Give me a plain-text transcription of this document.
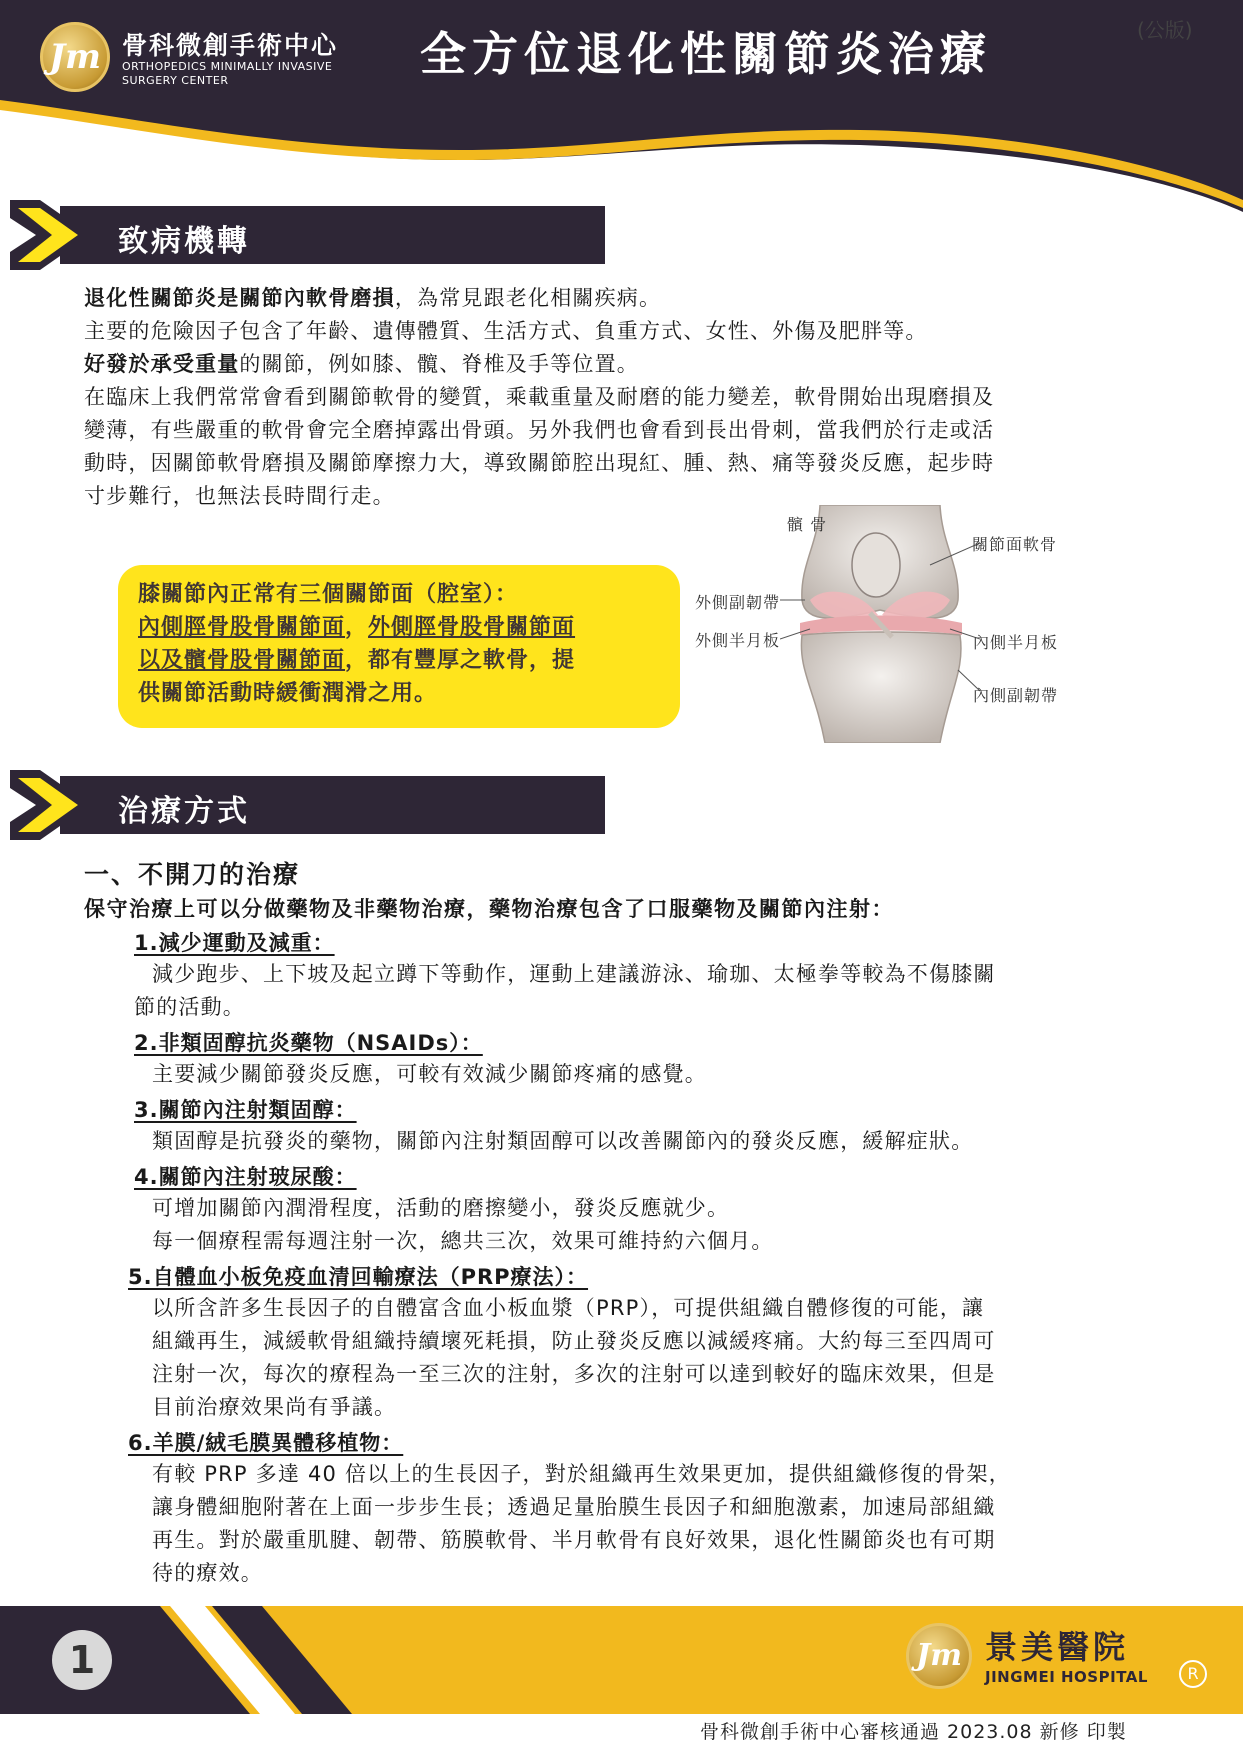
Jm 骨科微創手術中心
ORTHOPEDICS MINIMALLY INVASIVE
SURGERY CENTER	全方位退化性關節炎治療	(公版)
致病機轉
退化性關節炎是關節內軟骨磨損，為常見跟老化相關疾病。
主要的危險因子包含了年齡、遺傳體質、生活方式、負重方式、女性、外傷及肥胖等。
好發於承受重量的關節，例如膝、髖、脊椎及手等位置。
在臨床上我們常常會看到關節軟骨的變質，乘載重量及耐磨的能力變差，軟骨開始出現磨損及
變薄，有些嚴重的軟骨會完全磨掉露出骨頭。另外我們也會看到長出骨刺，當我們於行走或活
動時，因關節軟骨磨損及關節摩擦力大，導致關節腔出現紅、腫、熱、痛等發炎反應，起步時
寸步難行，也無法長時間行走。
膝關節內正常有三個關節面（腔室）：
內側脛骨股骨關節面，外側脛骨股骨關節面
以及髕骨股骨關節面，都有豐厚之軟骨，提
供關節活動時緩衝潤滑之用。
髕 骨
關節面軟骨
外側副韌帶
外側半月板	內側半月板
內側副韌帶
治療方式
一、不開刀的治療
保守治療上可以分做藥物及非藥物治療，藥物治療包含了口服藥物及關節內注射：
1.減少運動及減重：
減少跑步、上下坡及起立蹲下等動作，運動上建議游泳、瑜珈、太極拳等較為不傷膝關
節的活動。
2.非類固醇抗炎藥物（NSAIDs）：
主要減少關節發炎反應，可較有效減少關節疼痛的感覺。
3.關節內注射類固醇：
類固醇是抗發炎的藥物，關節內注射類固醇可以改善關節內的發炎反應，緩解症狀。
4.關節內注射玻尿酸：
可增加關節內潤滑程度，活動的磨擦變小，發炎反應就少。
每一個療程需每週注射一次，總共三次，效果可維持約六個月。
5.自體血小板免疫血清回輸療法（PRP療法）：
以所含許多生長因子的自體富含血小板血漿（PRP），可提供組織自體修復的可能，讓
組織再生，減緩軟骨組織持續壞死耗損，防止發炎反應以減緩疼痛。大約每三至四周可
注射一次，每次的療程為一至三次的注射，多次的注射可以達到較好的臨床效果，但是
目前治療效果尚有爭議。
6.羊膜/絨毛膜異體移植物：
有較 PRP 多達 40 倍以上的生長因子，對於組織再生效果更加，提供組織修復的骨架，
讓身體細胞附著在上面一步步生長；透過足量胎膜生長因子和細胞激素，加速局部組織
再生。對於嚴重肌腱、韌帶、筋膜軟骨、半月軟骨有良好效果，退化性關節炎也有可期
待的療效。
1	Jm 景美醫院
JINGMEI HOSPITAL	R
骨科微創手術中心審核通過 2023.08 新修 印製
